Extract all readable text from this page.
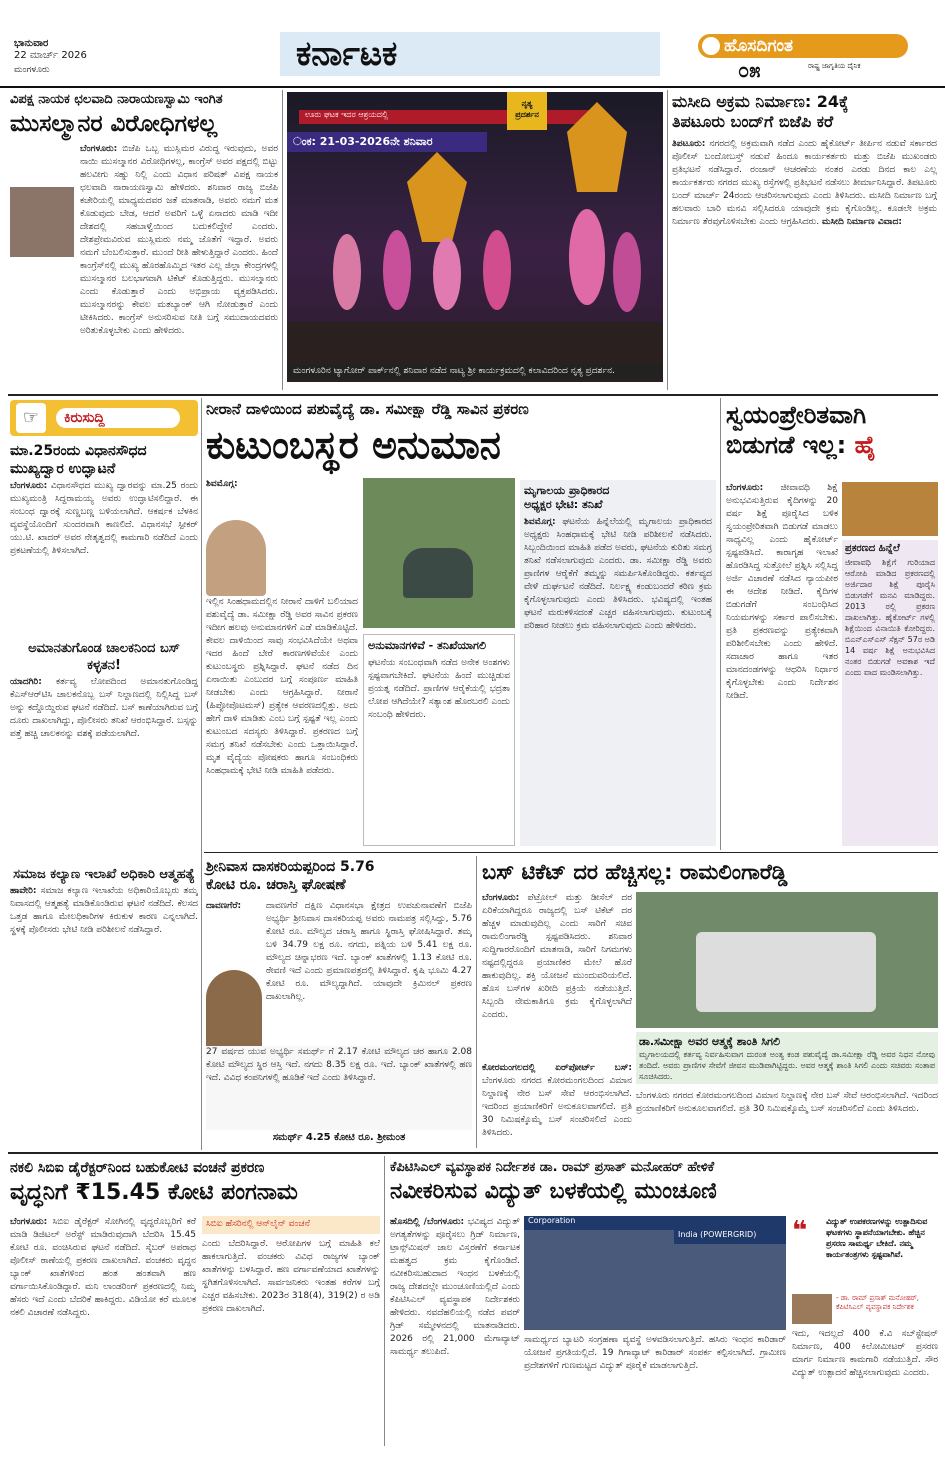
ಭಾನುವಾರ
22 ಮಾರ್ಚ್ 2026
ಮಂಗಳೂರು	ಕರ್ನಾಟಕ	ಹೊಸದಿಗಂತ
೦೫	ರಾಷ್ಟ್ರ ಜಾಗೃತಿಯ ದೈನಿಕ
ವಿಪಕ್ಷ ನಾಯಕ ಛಲವಾದಿ ನಾರಾಯಣಸ್ವಾಮಿ ಇಂಗಿತ
ಮುಸಲ್ಮಾನರ ವಿರೋಧಿಗಳಲ್ಲ
ಬೆಂಗಳೂರು: ಬಿಜೆಪಿ ಒಬ್ಬ ಮುಸ್ಲಿಮರ ವಿರುದ್ಧ ಇರುವುದು, ಅವರ ನಾಯಿ ಮುಸಲ್ಮಾನರ ವಿರೋಧಿಗಳಲ್ಲ, ಕಾಂಗ್ರೆಸ್ ಅವರ ಪಕ್ಷದಲ್ಲಿ ಬಿಟ್ಟು ಹಲವೀಗು ಸಹ್ನು ನಿಲ್ಲಿ ಎಂದು ವಿಧಾನ ಪರಿಷತ್ ವಿಪಕ್ಷ ನಾಯಕ ಛಲವಾದಿ ನಾರಾಯಣಸ್ವಾಮಿ ಹೇಳಿದರು. ಶನಿವಾರ ರಾಜ್ಯ ಬಿಜೆಪಿ ಕಚೇರಿಯಲ್ಲಿ ಮಾಧ್ಯಮದವರ ಜತೆ ಮಾತನಾಡಿ, ಅವರು ನಮಗೆ ಮತ ಕೊಡುವುದು ಬೇಡ, ಆದರೆ ಅವರಿಗೆ ಒಳ್ಳೆ ಏನಾದರು ಮಾಡಿ ಇದೀ ದೇಶದಲ್ಲಿ ಸಹಬಾಳ್ವೆಯಿಂದ ಬದುಕಲಿದ್ದೇನೆ ಎಂದರು. ದೇಶಪ್ರೇಮವಿರುವ ಮುಸ್ಲಿಮರು ನಮ್ಮ ಜೊತೆಗೆ ಇದ್ದಾರೆ. ಅವರು ನಮಗೆ ಬೆಂಬಲಿಸುತ್ತಾರೆ. ಮುಂದೆ ರೀತಿ ಹೇಳುತ್ತಿದ್ದಾರೆ ಎಂದರು. ಹಿಂದೆ ಕಾಂಗ್ರೆಸ್‌ನಲ್ಲಿ ಮುಖ್ಯ ಹೊರಹೊಮ್ಮಿದ ಇತರ ಎಲ್ಲ ಜಿಲ್ಲಾ ಕೇಂದ್ರಗಳಲ್ಲಿ ಮುಸಲ್ಮಾನರ ಬಲಭಾಗವಾಗಿ ಟಿಕೆಟ್ ಕೊಡುತ್ತಿದ್ದರು. ಮುಸಲ್ಮಾನರು ಎಂದು ಕೊಡುತ್ತಾರೆ ಎಂದು ಅಭಿಪ್ರಾಯ ವ್ಯಕ್ತಪಡಿಸಿದರು. ಮುಸಲ್ಮಾನರನ್ನು ಕೇವಲ ಮತಬ್ಯಾಂಕ್ ಆಗಿ ನೋಡುತ್ತಾರೆ ಎಂದು ಟೀಕಿಸಿದರು. ಕಾಂಗ್ರೆಸ್ ಅನುಸರಿಸುವ ನೀತಿ ಬಗ್ಗೆ ಸಮುದಾಯದವರು ಅರಿತುಕೊಳ್ಳಬೇಕು ಎಂದು ಹೇಳಿದರು.
ಊರು ಘಟಕ ಇದರ ಆಶ್ರಯದಲ್ಲಿ
ಂಕ: 21-03-2026ನೇ ಶನಿವಾರ
ನೃತ್ಯ
ಪ್ರದರ್ಶನ
ಮಂಗಳೂರಿನ ಟ್ಯಾಗೋರ್ ಪಾರ್ಕ್‌ನಲ್ಲಿ ಶನಿವಾರ ನಡೆದ ನಾಟ್ಯ ಶ್ರೀ ಕಾರ್ಯಕ್ರಮದಲ್ಲಿ ಕಲಾವಿದರಿಂದ ನೃತ್ಯ ಪ್ರದರ್ಶನ.
ಮಸೀದಿ ಅಕ್ರಮ ನಿರ್ಮಾಣ: 24ಕ್ಕೆ
ತಿಪಟೂರು ಬಂದ್‌ಗೆ ಬಿಜೆಪಿ ಕರೆ
ತಿಪಟೂರು: ನಗರದಲ್ಲಿ ಅಕ್ರಮವಾಗಿ ನಡೆದ ಎಂದು ಹೈಕೋರ್ಟ್ ತೀರ್ಪಿನ ನಡುವೆ ಸರ್ಕಾರದ ಪೊಲೀಸ್ ಬಂದೋಬಸ್ತ್ ನಡುವೆ ಹಿಂದೂ ಕಾರ್ಯಕರ್ತರು ಮತ್ತು ಬಿಜೆಪಿ ಮುಖಂಡರು ಪ್ರತಿಭಟನೆ ನಡೆಸಿದ್ದಾರೆ. ರಂಜಾನ್ ಆಚರಣೆಯ ನಂತರ ಎರಡು ದಿನದ ಕಾಲ ಎಲ್ಲ ಕಾರ್ಯಕರ್ತರು ನಗರದ ಮುಖ್ಯ ರಸ್ತೆಗಳಲ್ಲಿ ಪ್ರತಿಭಟನೆ ನಡೆಸಲು ತೀರ್ಮಾನಿಸಿದ್ದಾರೆ. ತಿಪಟೂರು ಬಂದ್ ಮಾರ್ಚ್ 24ರಂದು ಆಚರಿಸಲಾಗುವುದು ಎಂದು ತಿಳಿಸಿದರು. ಮಸೀದಿ ನಿರ್ಮಾಣ ಬಗ್ಗೆ ಹಲವಾರು ಬಾರಿ ಮನವಿ ಸಲ್ಲಿಸಿದರೂ ಯಾವುದೇ ಕ್ರಮ ಕೈಗೊಂಡಿಲ್ಲ. ಕೂಡಲೇ ಅಕ್ರಮ ನಿರ್ಮಾಣ ತೆರವುಗೊಳಿಸಬೇಕು ಎಂದು ಆಗ್ರಹಿಸಿದರು. ಮಸೀದಿ ನಿರ್ಮಾಣ ವಿವಾದ:
☞	ಕಿರುಸುದ್ದಿ
ಮಾ.25ರಂದು ವಿಧಾನಸೌಧದ ಮುಖ್ಯದ್ವಾರ ಉದ್ಘಾಟನೆ
ಬೆಂಗಳೂರು: ವಿಧಾನಸೌಧದ ಮುಖ್ಯ ದ್ವಾರವನ್ನು ಮಾ.25 ರಂದು ಮುಖ್ಯಮಂತ್ರಿ ಸಿದ್ದರಾಮಯ್ಯ ಅವರು ಉದ್ಘಾಟಿಸಲಿದ್ದಾರೆ. ಈ ಸಂಬಂಧ ದ್ವಾರಕ್ಕೆ ಸುಣ್ಣಬಣ್ಣ ಬಳಿಯಲಾಗಿದೆ. ಆಕರ್ಷಕ ಬೆಳಕಿನ ವ್ಯವಸ್ಥೆಯೊಂದಿಗೆ ಸುಂದರವಾಗಿ ಕಾಣಲಿದೆ. ವಿಧಾನಸಭೆ ಸ್ಪೀಕರ್ ಯು.ಟಿ. ಖಾದರ್ ಅವರ ನೇತೃತ್ವದಲ್ಲಿ ಕಾಮಗಾರಿ ನಡೆದಿದೆ ಎಂದು ಪ್ರಕಟಣೆಯಲ್ಲಿ ತಿಳಿಸಲಾಗಿದೆ.
ಅಮಾನತುಗೊಂಡ ಚಾಲಕನಿಂದ ಬಸ್ ಕಳ್ಳತನ!
ಯಾದಗಿರಿ: ಕರ್ತವ್ಯ ಲೋಪದಿಂದ ಅಮಾನತುಗೊಂಡಿದ್ದ ಕೆಎಸ್ಆರ್‌ಟಿಸಿ ಚಾಲಕನೊಬ್ಬ ಬಸ್ ನಿಲ್ದಾಣದಲ್ಲಿ ನಿಲ್ಲಿಸಿದ್ದ ಬಸ್ ಅನ್ನು ಕದ್ದೊಯ್ದಿರುವ ಘಟನೆ ನಡೆದಿದೆ. ಬಸ್ ಕಾಣೆಯಾಗಿರುವ ಬಗ್ಗೆ ದೂರು ದಾಖಲಾಗಿದ್ದು, ಪೊಲೀಸರು ತನಿಖೆ ಆರಂಭಿಸಿದ್ದಾರೆ. ಬಸ್ಸನ್ನು ಪತ್ತೆ ಹಚ್ಚಿ ಚಾಲಕನನ್ನು ವಶಕ್ಕೆ ಪಡೆಯಲಾಗಿದೆ.
ಸಮಾಜ ಕಲ್ಯಾಣ ಇಲಾಖೆ ಅಧಿಕಾರಿ ಆತ್ಮಹತ್ಯೆ
ಹಾವೇರಿ: ಸಮಾಜ ಕಲ್ಯಾಣ ಇಲಾಖೆಯ ಅಧಿಕಾರಿಯೊಬ್ಬರು ತಮ್ಮ ನಿವಾಸದಲ್ಲಿ ಆತ್ಮಹತ್ಯೆ ಮಾಡಿಕೊಂಡಿರುವ ಘಟನೆ ನಡೆದಿದೆ. ಕೆಲಸದ ಒತ್ತಡ ಹಾಗೂ ಮೇಲಧಿಕಾರಿಗಳ ಕಿರುಕುಳ ಕಾರಣ ಎನ್ನಲಾಗಿದೆ. ಸ್ಥಳಕ್ಕೆ ಪೊಲೀಸರು ಭೇಟಿ ನೀಡಿ ಪರಿಶೀಲನೆ ನಡೆಸಿದ್ದಾರೆ.
ನೀರಾನೆ ದಾಳಿಯಿಂದ ಪಶುವೈದ್ಯೆ ಡಾ. ಸಮೀಕ್ಷಾ ರೆಡ್ಡಿ ಸಾವಿನ ಪ್ರಕರಣ
ಕುಟುಂಬಸ್ಥರ ಅನುಮಾನ
ಶಿವಮೊಗ್ಗ:
ಇಲ್ಲಿನ ಸಿಂಹಧಾಮದಲ್ಲಿನ ನೀರಾನೆ ದಾಳಿಗೆ ಬಲಿಯಾದ ಪಶುವೈದ್ಯೆ ಡಾ. ಸಮೀಕ್ಷಾ ರೆಡ್ಡಿ ಅವರ ಸಾವಿನ ಪ್ರಕರಣ ಇದೀಗ ಹಲವು ಅನುಮಾನಗಳಿಗೆ ಎಡೆ ಮಾಡಿಕೊಟ್ಟಿದೆ. ಕೇವಲ ದಾಳಿಯಿಂದ ಸಾವು ಸಂಭವಿಸಿದೆಯೇ ಅಥವಾ ಇದರ ಹಿಂದೆ ಬೇರೆ ಕಾರಣಗಳಿವೆಯೇ ಎಂದು ಕುಟುಂಬಸ್ಥರು ಪ್ರಶ್ನಿಸಿದ್ದಾರೆ. ಘಟನೆ ನಡೆದ ದಿನ ಏನಾಯಿತು ಎಂಬುದರ ಬಗ್ಗೆ ಸಂಪೂರ್ಣ ಮಾಹಿತಿ ನೀಡಬೇಕು ಎಂದು ಆಗ್ರಹಿಸಿದ್ದಾರೆ. ನೀರಾನೆ (ಹಿಪ್ಪೋಪೊಟಮಸ್) ಪ್ರತ್ಯೇಕ ಆವರಣದಲ್ಲಿತ್ತು. ಅದು ಹೇಗೆ ದಾಳಿ ಮಾಡಿತು ಎಂಬ ಬಗ್ಗೆ ಸ್ಪಷ್ಟತೆ ಇಲ್ಲ ಎಂದು ಕುಟುಂಬದ ಸದಸ್ಯರು ತಿಳಿಸಿದ್ದಾರೆ. ಪ್ರಕರಣದ ಬಗ್ಗೆ ಸಮಗ್ರ ತನಿಖೆ ನಡೆಸಬೇಕು ಎಂದು ಒತ್ತಾಯಿಸಿದ್ದಾರೆ. ಮೃತ ವೈದ್ಯೆಯ ಪೋಷಕರು ಹಾಗೂ ಸಂಬಂಧಿಕರು ಸಿಂಹಧಾಮಕ್ಕೆ ಭೇಟಿ ನೀಡಿ ಮಾಹಿತಿ ಪಡೆದರು.
ಅನುಮಾನಗಳಿವೆ - ತನಿಖೆಯಾಗಲಿ
ಘಟನೆಯ ಸಂಬಂಧವಾಗಿ ನಡೆದ ಅನೇಕ ಅಂಶಗಳು ಸ್ಪಷ್ಟವಾಗಬೇಕಿದೆ. ಘಟನೆಯ ಹಿಂದೆ ಮುಚ್ಚಿಡುವ ಪ್ರಯತ್ನ ನಡೆದಿದೆ. ಪ್ರಾಣಿಗಳ ಆರೈಕೆಯಲ್ಲಿ ಭದ್ರತಾ ಲೋಪ ಆಗಿದೆಯೇ? ಸತ್ಯಾಂಶ ಹೊರಬರಲಿ ಎಂದು ಸಂಬಂಧಿ ಹೇಳಿದರು.
ಮೃಗಾಲಯ ಪ್ರಾಧಿಕಾರದ
ಅಧ್ಯಕ್ಷರ ಭೇಟಿ: ತನಿಖೆ
ಶಿವಮೊಗ್ಗ: ಘಟನೆಯ ಹಿನ್ನೆಲೆಯಲ್ಲಿ ಮೃಗಾಲಯ ಪ್ರಾಧಿಕಾರದ ಅಧ್ಯಕ್ಷರು ಸಿಂಹಧಾಮಕ್ಕೆ ಭೇಟಿ ನೀಡಿ ಪರಿಶೀಲನೆ ನಡೆಸಿದರು. ಸಿಬ್ಬಂದಿಯಿಂದ ಮಾಹಿತಿ ಪಡೆದ ಅವರು, ಘಟನೆಯ ಕುರಿತು ಸಮಗ್ರ ತನಿಖೆ ನಡೆಸಲಾಗುವುದು ಎಂದರು. ಡಾ. ಸಮೀಕ್ಷಾ ರೆಡ್ಡಿ ಅವರು ಪ್ರಾಣಿಗಳ ಆರೈಕೆಗೆ ತಮ್ಮನ್ನು ಸಮರ್ಪಿಸಿಕೊಂಡಿದ್ದರು. ಕರ್ತವ್ಯದ ವೇಳೆ ದುರ್ಘಟನೆ ನಡೆದಿದೆ. ನಿರ್ಲಕ್ಷ್ಯ ಕಂಡುಬಂದರೆ ಕಠಿಣ ಕ್ರಮ ಕೈಗೊಳ್ಳಲಾಗುವುದು ಎಂದು ತಿಳಿಸಿದರು. ಭವಿಷ್ಯದಲ್ಲಿ ಇಂತಹ ಘಟನೆ ಮರುಕಳಿಸದಂತೆ ಎಚ್ಚರ ವಹಿಸಲಾಗುವುದು. ಕುಟುಂಬಕ್ಕೆ ಪರಿಹಾರ ನೀಡಲು ಕ್ರಮ ವಹಿಸಲಾಗುವುದು ಎಂದು ಹೇಳಿದರು.
ಸ್ವಯಂಪ್ರೇರಿತವಾಗಿ
ಬಿಡುಗಡೆ ಇಲ್ಲ: ಹೈ
ಬೆಂಗಳೂರು: ಜೀವಾವಧಿ ಶಿಕ್ಷೆ ಅನುಭವಿಸುತ್ತಿರುವ ಕೈದಿಗಳನ್ನು 20 ವರ್ಷ ಶಿಕ್ಷೆ ಪೂರೈಸಿದ ಬಳಿಕ ಸ್ವಯಂಪ್ರೇರಿತವಾಗಿ ಬಿಡುಗಡೆ ಮಾಡಲು ಸಾಧ್ಯವಿಲ್ಲ ಎಂದು ಹೈಕೋರ್ಟ್ ಸ್ಪಷ್ಟಪಡಿಸಿದೆ. ಕಾರಾಗೃಹ ಇಲಾಖೆ ಹೊರಡಿಸಿದ್ದ ಸುತ್ತೋಲೆ ಪ್ರಶ್ನಿಸಿ ಸಲ್ಲಿಸಿದ್ದ ಅರ್ಜಿ ವಿಚಾರಣೆ ನಡೆಸಿದ ನ್ಯಾಯಪೀಠ ಈ ಆದೇಶ ನೀಡಿದೆ. ಕೈದಿಗಳ ಬಿಡುಗಡೆಗೆ ಸಂಬಂಧಿಸಿದ ನಿಯಮಗಳನ್ನು ಸರ್ಕಾರ ಪಾಲಿಸಬೇಕು. ಪ್ರತಿ ಪ್ರಕರಣವನ್ನು ಪ್ರತ್ಯೇಕವಾಗಿ ಪರಿಶೀಲಿಸಬೇಕು ಎಂದು ಹೇಳಿದೆ. ಸದಾಚಾರ ಹಾಗೂ ಇತರ ಮಾನದಂಡಗಳನ್ನು ಆಧರಿಸಿ ನಿರ್ಧಾರ ಕೈಗೊಳ್ಳಬೇಕು ಎಂದು ನಿರ್ದೇಶನ ನೀಡಿದೆ.
ಪ್ರಕರಣದ ಹಿನ್ನೆಲೆ
ಜೀವಾವಧಿ ಶಿಕ್ಷೆಗೆ ಗುರಿಯಾದ ಆರೋಪಿ ಮಾಡಿದ ಪ್ರಕರಣದಲ್ಲಿ ಅರ್ಜಿದಾರ ಶಿಕ್ಷೆ ಪೂರೈಸಿ ಬಿಡುಗಡೆಗೆ ಮನವಿ ಮಾಡಿದ್ದರು. 2013 ರಲ್ಲಿ ಪ್ರಕರಣ ದಾಖಲಾಗಿತ್ತು. ಹೈಕೋರ್ಟ್ ಗಳಲ್ಲಿ ಶಿಕ್ಷೆಯಿಂದ ವಿನಾಯಿತಿ ಕೋರಿದ್ದರು. ಬಿಎನ್ಎಸ್‌ಎಸ್ ಸೆಕ್ಷನ್ 57ರ ಅಡಿ 14 ವರ್ಷ ಶಿಕ್ಷೆ ಅನುಭವಿಸಿದ ನಂತರ ಬಿಡುಗಡೆ ಅವಕಾಶ ಇದೆ ಎಂದು ವಾದ ಮಂಡಿಸಲಾಗಿತ್ತು.
ಶ್ರೀನಿವಾಸ ದಾಸಕರಿಯಪ್ಪರಿಂದ 5.76
ಕೋಟಿ ರೂ. ಚರಾಸ್ತಿ ಘೋಷಣೆ
ದಾವಣಗೆರೆ:	ದಾವಣಗೆರೆ ದಕ್ಷಿಣ ವಿಧಾನಸಭಾ ಕ್ಷೇತ್ರದ ಉಪಚುನಾವಣೆಗೆ ಬಿಜೆಪಿ ಅಭ್ಯರ್ಥಿ ಶ್ರೀನಿವಾಸ ದಾಸಕರಿಯಪ್ಪ ಅವರು ನಾಮಪತ್ರ ಸಲ್ಲಿಸಿದ್ದು, 5.76 ಕೋಟಿ ರೂ. ಮೌಲ್ಯದ ಚರಾಸ್ತಿ ಹಾಗೂ ಸ್ಥಿರಾಸ್ತಿ ಘೋಷಿಸಿದ್ದಾರೆ. ತಮ್ಮ ಬಳಿ 34.79 ಲಕ್ಷ ರೂ. ನಗದು, ಪತ್ನಿಯ ಬಳಿ 5.41 ಲಕ್ಷ ರೂ. ಮೌಲ್ಯದ ಚಿನ್ನಾಭರಣ ಇದೆ. ಬ್ಯಾಂಕ್ ಖಾತೆಗಳಲ್ಲಿ 1.13 ಕೋಟಿ ರೂ. ಠೇವಣಿ ಇದೆ ಎಂದು ಪ್ರಮಾಣಪತ್ರದಲ್ಲಿ ತಿಳಿಸಿದ್ದಾರೆ. ಕೃಷಿ ಭೂಮಿ 4.27 ಕೋಟಿ ರೂ. ಮೌಲ್ಯದ್ದಾಗಿದೆ. ಯಾವುದೇ ಕ್ರಿಮಿನಲ್ ಪ್ರಕರಣ ದಾಖಲಾಗಿಲ್ಲ.
27 ವರ್ಷದ ಯುವ ಅಭ್ಯರ್ಥಿ ಸಮರ್ಥ್ ಗೆ 2.17 ಕೋಟಿ ಮೌಲ್ಯದ ಚರ ಹಾಗೂ 2.08 ಕೋಟಿ ಮೌಲ್ಯದ ಸ್ಥಿರ ಆಸ್ತಿ ಇದೆ. ನಗದು 8.35 ಲಕ್ಷ ರೂ. ಇದೆ. ಬ್ಯಾಂಕ್ ಖಾತೆಗಳಲ್ಲಿ ಹಣ ಇದೆ. ವಿವಿಧ ಕಂಪನಿಗಳಲ್ಲಿ ಹೂಡಿಕೆ ಇದೆ ಎಂದು ತಿಳಿಸಿದ್ದಾರೆ.
ಸಮರ್ಥ್ 4.25 ಕೋಟಿ ರೂ. ಶ್ರೀಮಂತ
ಬಸ್ ಟಿಕೆಟ್ ದರ ಹೆಚ್ಚಿಸಲ್ಲ: ರಾಮಲಿಂಗಾರೆಡ್ಡಿ
ಬೆಂಗಳೂರು: ಪೆಟ್ರೋಲ್ ಮತ್ತು ಡೀಸೆಲ್ ದರ ಏರಿಕೆಯಾಗಿದ್ದರೂ ರಾಜ್ಯದಲ್ಲಿ ಬಸ್ ಟಿಕೆಟ್ ದರ ಹೆಚ್ಚಳ ಮಾಡುವುದಿಲ್ಲ ಎಂದು ಸಾರಿಗೆ ಸಚಿವ ರಾಮಲಿಂಗಾರೆಡ್ಡಿ ಸ್ಪಷ್ಟಪಡಿಸಿದರು. ಶನಿವಾರ ಸುದ್ದಿಗಾರರೊಂದಿಗೆ ಮಾತನಾಡಿ, ಸಾರಿಗೆ ನಿಗಮಗಳು ನಷ್ಟದಲ್ಲಿದ್ದರೂ ಪ್ರಯಾಣಿಕರ ಮೇಲೆ ಹೊರೆ ಹಾಕುವುದಿಲ್ಲ. ಶಕ್ತಿ ಯೋಜನೆ ಮುಂದುವರಿಯಲಿದೆ. ಹೊಸ ಬಸ್‌ಗಳ ಖರೀದಿ ಪ್ರಕ್ರಿಯೆ ನಡೆಯುತ್ತಿದೆ. ಸಿಬ್ಬಂದಿ ನೇಮಕಾತಿಗೂ ಕ್ರಮ ಕೈಗೊಳ್ಳಲಾಗಿದೆ ಎಂದರು.
ಡಾ.ಸಮೀಕ್ಷಾ ಅವರ ಆತ್ಮಕ್ಕೆ ಶಾಂತಿ ಸಿಗಲಿ
ಮೃಗಾಲಯದಲ್ಲಿ ಕರ್ತವ್ಯ ನಿರ್ವಹಿಸುವಾಗ ದುರಂತ ಅಂತ್ಯ ಕಂಡ ಪಶುವೈದ್ಯೆ ಡಾ.ಸಮೀಕ್ಷಾ ರೆಡ್ಡಿ ಅವರ ನಿಧನ ನೋವು ತಂದಿದೆ. ಅವರು ಪ್ರಾಣಿಗಳ ಸೇವೆಗೆ ಜೀವನ ಮುಡಿಪಾಗಿಟ್ಟಿದ್ದರು. ಅವರ ಆತ್ಮಕ್ಕೆ ಶಾಂತಿ ಸಿಗಲಿ ಎಂದು ಸಚಿವರು ಸಂತಾಪ ಸೂಚಿಸಿದರು.
ಕೋರಮಂಗಲದಲ್ಲಿ ಏರ್‌ಪೋರ್ಟ್ ಬಸ್: ಬೆಂಗಳೂರು ನಗರದ ಕೋರಮಂಗಲದಿಂದ ವಿಮಾನ ನಿಲ್ದಾಣಕ್ಕೆ ನೇರ ಬಸ್ ಸೇವೆ ಆರಂಭಿಸಲಾಗಿದೆ. ಇದರಿಂದ ಪ್ರಯಾಣಿಕರಿಗೆ ಅನುಕೂಲವಾಗಲಿದೆ. ಪ್ರತಿ 30 ನಿಮಿಷಕ್ಕೊಮ್ಮೆ ಬಸ್ ಸಂಚರಿಸಲಿದೆ ಎಂದು ತಿಳಿಸಿದರು.
ಬೆಂಗಳೂರು ನಗರದ ಕೋರಮಂಗಲದಿಂದ ವಿಮಾನ ನಿಲ್ದಾಣಕ್ಕೆ ನೇರ ಬಸ್ ಸೇವೆ ಆರಂಭಿಸಲಾಗಿದೆ. ಇದರಿಂದ ಪ್ರಯಾಣಿಕರಿಗೆ ಅನುಕೂಲವಾಗಲಿದೆ. ಪ್ರತಿ 30 ನಿಮಿಷಕ್ಕೊಮ್ಮೆ ಬಸ್ ಸಂಚರಿಸಲಿದೆ ಎಂದು ತಿಳಿಸಿದರು.
ನಕಲಿ ಸಿಬಿಐ ಡೈರೆಕ್ಟರ್‌ನಿಂದ ಬಹುಕೋಟಿ ವಂಚನೆ ಪ್ರಕರಣ
ವೃದ್ಧನಿಗೆ ₹15.45 ಕೋಟಿ ಪಂಗನಾಮ
ಬೆಂಗಳೂರು: ಸಿಬಿಐ ಡೈರೆಕ್ಟರ್ ಸೋಗಿನಲ್ಲಿ ವೃದ್ಧರೊಬ್ಬರಿಗೆ ಕರೆ ಮಾಡಿ ಡಿಜಿಟಲ್ ಅರೆಸ್ಟ್ ಮಾಡಿರುವುದಾಗಿ ಬೆದರಿಸಿ 15.45 ಕೋಟಿ ರೂ. ವಂಚಿಸಿರುವ ಘಟನೆ ನಡೆದಿದೆ. ಸೈಬರ್ ಅಪರಾಧ ಪೊಲೀಸ್ ಠಾಣೆಯಲ್ಲಿ ಪ್ರಕರಣ ದಾಖಲಾಗಿದೆ. ವಂಚಕರು ವೃದ್ಧನ ಬ್ಯಾಂಕ್ ಖಾತೆಗಳಿಂದ ಹಂತ ಹಂತವಾಗಿ ಹಣ ವರ್ಗಾಯಿಸಿಕೊಂಡಿದ್ದಾರೆ. ಮನಿ ಲಾಂಡರಿಂಗ್ ಪ್ರಕರಣದಲ್ಲಿ ನಿಮ್ಮ ಹೆಸರು ಇದೆ ಎಂದು ಬೆದರಿಕೆ ಹಾಕಿದ್ದರು. ವಿಡಿಯೋ ಕರೆ ಮೂಲಕ ನಕಲಿ ವಿಚಾರಣೆ ನಡೆಸಿದ್ದರು.
ಸಿಬಿಐ ಹೆಸರಿನಲ್ಲಿ ಆನ್‌ಲೈನ್ ವಂಚನೆ
ಎಂದು ಬೆದರಿಸಿದ್ದಾರೆ. ಆರೋಪಿಗಳ ಬಗ್ಗೆ ಮಾಹಿತಿ ಕಲೆ ಹಾಕಲಾಗುತ್ತಿದೆ. ವಂಚಕರು ವಿವಿಧ ರಾಜ್ಯಗಳ ಬ್ಯಾಂಕ್ ಖಾತೆಗಳನ್ನು ಬಳಸಿದ್ದಾರೆ. ಹಣ ವರ್ಗಾವಣೆಯಾದ ಖಾತೆಗಳನ್ನು ಸ್ಥಗಿತಗೊಳಿಸಲಾಗಿದೆ. ಸಾರ್ವಜನಿಕರು ಇಂತಹ ಕರೆಗಳ ಬಗ್ಗೆ ಎಚ್ಚರ ವಹಿಸಬೇಕು. 2023ರ 318(4), 319(2) ರ ಅಡಿ ಪ್ರಕರಣ ದಾಖಲಾಗಿದೆ.
ಕೆಪಿಟಿಸಿಎಲ್ ವ್ಯವಸ್ಥಾಪಕ ನಿರ್ದೇಶಕ ಡಾ. ರಾಮ್ ಪ್ರಸಾತ್ ಮನೋಹರ್ ಹೇಳಿಕೆ
ನವೀಕರಿಸುವ ವಿದ್ಯುತ್ ಬಳಕೆಯಲ್ಲಿ ಮುಂಚೂಣಿ
ಹೊಸದಿಲ್ಲಿ /ಬೆಂಗಳೂರು: ಭವಿಷ್ಯದ ವಿದ್ಯುತ್ ಅಗತ್ಯತೆಗಳನ್ನು ಪೂರೈಸಲು ಗ್ರಿಡ್ ನಿರ್ಮಾಣ, ಟ್ರಾನ್ಸ್‌ಮಿಷನ್ ಜಾಲ ವಿಸ್ತರಣೆಗೆ ಕರ್ನಾಟಕ ಮಹತ್ವದ ಕ್ರಮ ಕೈಗೊಂಡಿದೆ. ನವೀಕರಿಸಬಹುದಾದ ಇಂಧನ ಬಳಕೆಯಲ್ಲಿ ರಾಜ್ಯ ದೇಶದಲ್ಲೇ ಮುಂಚೂಣಿಯಲ್ಲಿದೆ ಎಂದು ಕೆಪಿಟಿಸಿಎಲ್ ವ್ಯವಸ್ಥಾಪಕ ನಿರ್ದೇಶಕರು ಹೇಳಿದರು. ನವದೆಹಲಿಯಲ್ಲಿ ನಡೆದ ಪವರ್ ಗ್ರಿಡ್ ಸಮ್ಮೇಳನದಲ್ಲಿ ಮಾತನಾಡಿದರು. 2026 ರಲ್ಲಿ 21,000 ಮೆಗಾವ್ಯಾಟ್ ಸಾಮರ್ಥ್ಯ ತಲುಪಿದೆ.
Corporation
India (POWERGRID)
ಸಾಮರ್ಥ್ಯದ ಬ್ಯಾಟರಿ ಸಂಗ್ರಹಣಾ ವ್ಯವಸ್ಥೆ ಅಳವಡಿಸಲಾಗುತ್ತಿದೆ. ಹಸಿರು ಇಂಧನ ಕಾರಿಡಾರ್ ಯೋಜನೆ ಪ್ರಗತಿಯಲ್ಲಿದೆ. 19 ಗಿಗಾವ್ಯಾಟ್ ಕಾರಿಡಾರ್ ಸಂಪರ್ಕ ಕಲ್ಪಿಸಲಾಗಿದೆ. ಗ್ರಾಮೀಣ ಪ್ರದೇಶಗಳಿಗೆ ಗುಣಮಟ್ಟದ ವಿದ್ಯುತ್ ಪೂರೈಕೆ ಮಾಡಲಾಗುತ್ತಿದೆ.
❝ ವಿದ್ಯುತ್ ಉಪಕರಣಗಳನ್ನು ಉತ್ಪಾದಿಸುವ ಘಟಕಗಳು ಸ್ಥಾಪನೆಯಾಗಬೇಕು. ಹೆಚ್ಚಿನ ಪ್ರಸರಣ ಸಾಮರ್ಥ್ಯ ಬೇಕಿದೆ. ನಮ್ಮ ಕಾರ್ಯತಂತ್ರಗಳು ಸ್ಪಷ್ಟವಾಗಿವೆ.
- ಡಾ. ರಾಮ್ ಪ್ರಸಾತ್ ಮನೋಹರ್, ಕೆಪಿಟಿಸಿಎಲ್ ವ್ಯವಸ್ಥಾಪಕ ನಿರ್ದೇಶಕ
ಇದು, ಇದಲ್ಲದೆ 400 ಕೆ.ವಿ ಸಬ್‌ಸ್ಟೇಷನ್ ನಿರ್ಮಾಣ, 400 ಕಿಲೋಮೀಟರ್ ಪ್ರಸರಣ ಮಾರ್ಗ ನಿರ್ಮಾಣ ಕಾಮಗಾರಿ ನಡೆಯುತ್ತಿದೆ. ಸೌರ ವಿದ್ಯುತ್ ಉತ್ಪಾದನೆ ಹೆಚ್ಚಿಸಲಾಗುವುದು ಎಂದರು.
